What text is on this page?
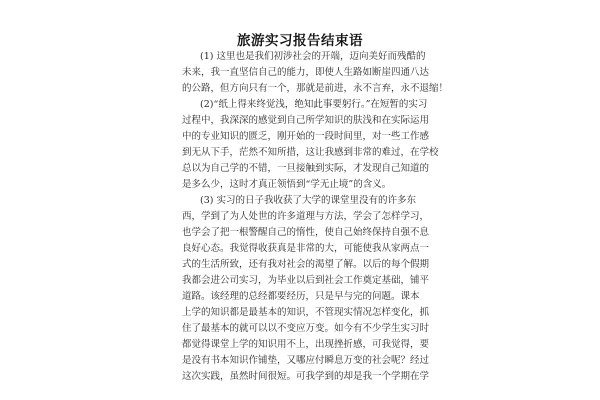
旅游实习报告结束语
(1) 这里也是我们初涉社会的开端，迈向美好而残酷的
未来，我一直坚信自己的能力，即使人生路如断崖四通八达
的公路，但方向只有一个，那就是前进，永不言弃，永不退缩！
(2)“纸上得来终觉浅，绝知此事要躬行。”在短暂的实习
过程中，我深深的感觉到自己所学知识的肤浅和在实际运用
中的专业知识的匮乏，刚开始的一段时间里，对一些工作感
到无从下手，茫然不知所措，这让我感到非常的难过，在学校
总以为自己学的不错，一旦接触到实际，才发现自己知道的
是多么少，这时才真正领悟到“学无止境”的含义。
(3) 实习的日子我收获了大学的课堂里没有的许多东
西，学到了为人处世的许多道理与方法，学会了怎样学习，
也学会了把一根警醒自己的惰性，使自己始终保持自强不息
良好心态。我觉得收获真是非常的大，可能使我从家两点一
式的生活所致，还有我对社会的渴望了解。以后的每个假期
我都会进公司实习，为毕业以后到社会工作奠定基础，铺平
道路。该经理的总经都要经历，只是早与完的问题。课本
上学的知识都是最基本的知识，不管现实情况怎样变化，抓
住了最基本的就可以以不变应万变。如今有不少学生实习时
都觉得课堂上学的知识用不上，出现挫折感，可我觉得，要
是没有书本知识作铺垫，又哪应付瞬息万变的社会呢？经过
这次实践，虽然时间很短。可我学到的却是我一个学期在学
